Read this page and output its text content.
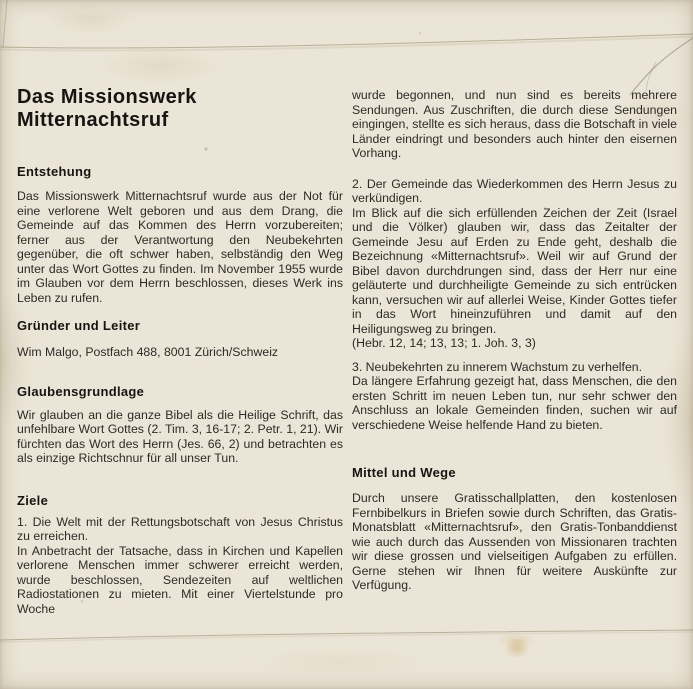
Das Missionswerk Mitternachtsruf
Entstehung

Das Missionswerk Mitternachtsruf wurde aus der Not für eine verlorene Welt geboren und aus dem Drang, die Gemeinde auf das Kommen des Herrn vorzubereiten; ferner aus der Verantwortung den Neubekehrten gegenüber, die oft schwer haben, selbständig den Weg unter das Wort Gottes zu finden. Im November 1955 wurde im Glauben vor dem Herrn beschlossen, dieses Werk ins Leben zu rufen.

Gründer und Leiter

Wim Malgo, Postfach 488, 8001 Zürich/Schweiz

Glaubensgrundlage

Wir glauben an die ganze Bibel als die Heilige Schrift, das unfehlbare Wort Gottes (2. Tim. 3, 16-17; 2. Petr. 1, 21). Wir fürchten das Wort des Herrn (Jes. 66, 2) und betrachten es als einzige Richtschnur für all unser Tun.

Ziele

1. Die Welt mit der Rettungsbotschaft von Jesus Christus zu erreichen.

In Anbetracht der Tatsache, dass in Kirchen und Kapellen verlorene Menschen immer schwerer erreicht werden, wurde beschlossen, Sendezeiten auf weltlichen Radiostationen zu mieten. Mit einer Viertelstunde pro Woche

wurde begonnen, und nun sind es bereits mehrere Sendungen. Aus Zuschriften, die durch diese Sendungen eingingen, stellte es sich heraus, dass die Botschaft in viele Länder eindringt und besonders auch hinter den eisernen Vorhang.

2. Der Gemeinde das Wiederkommen des Herrn Jesus zu verkündigen.

Im Blick auf die sich erfüllenden Zeichen der Zeit (Israel und die Völker) glauben wir, dass das Zeitalter der Gemeinde Jesu auf Erden zu Ende geht, deshalb die Bezeichnung «Mitternachtsruf». Weil wir auf Grund der Bibel davon durchdrungen sind, dass der Herr nur eine geläuterte und durchheiligte Gemeinde zu sich entrücken kann, versuchen wir auf allerlei Weise, Kinder Gottes tiefer in das Wort hineinzuführen und damit auf den Heiligungsweg zu bringen.

(Hebr. 12, 14; 13, 13; 1. Joh. 3, 3)

3. Neubekehrten zu innerem Wachstum zu verhelfen.

Da längere Erfahrung gezeigt hat, dass Menschen, die den ersten Schritt im neuen Leben tun, nur sehr schwer den Anschluss an lokale Gemeinden finden, suchen wir auf verschiedene Weise helfende Hand zu bieten.

Mittel und Wege

Durch unsere Gratisschallplatten, den kostenlosen Fernbibelkurs in Briefen sowie durch Schriften, das Gratis-Monatsblatt «Mitternachtsruf», den Gratis-Tonbanddienst wie auch durch das Aussenden von Missionaren trachten wir diese grossen und vielseitigen Aufgaben zu erfüllen. Gerne stehen wir Ihnen für weitere Auskünfte zur Verfügung.
